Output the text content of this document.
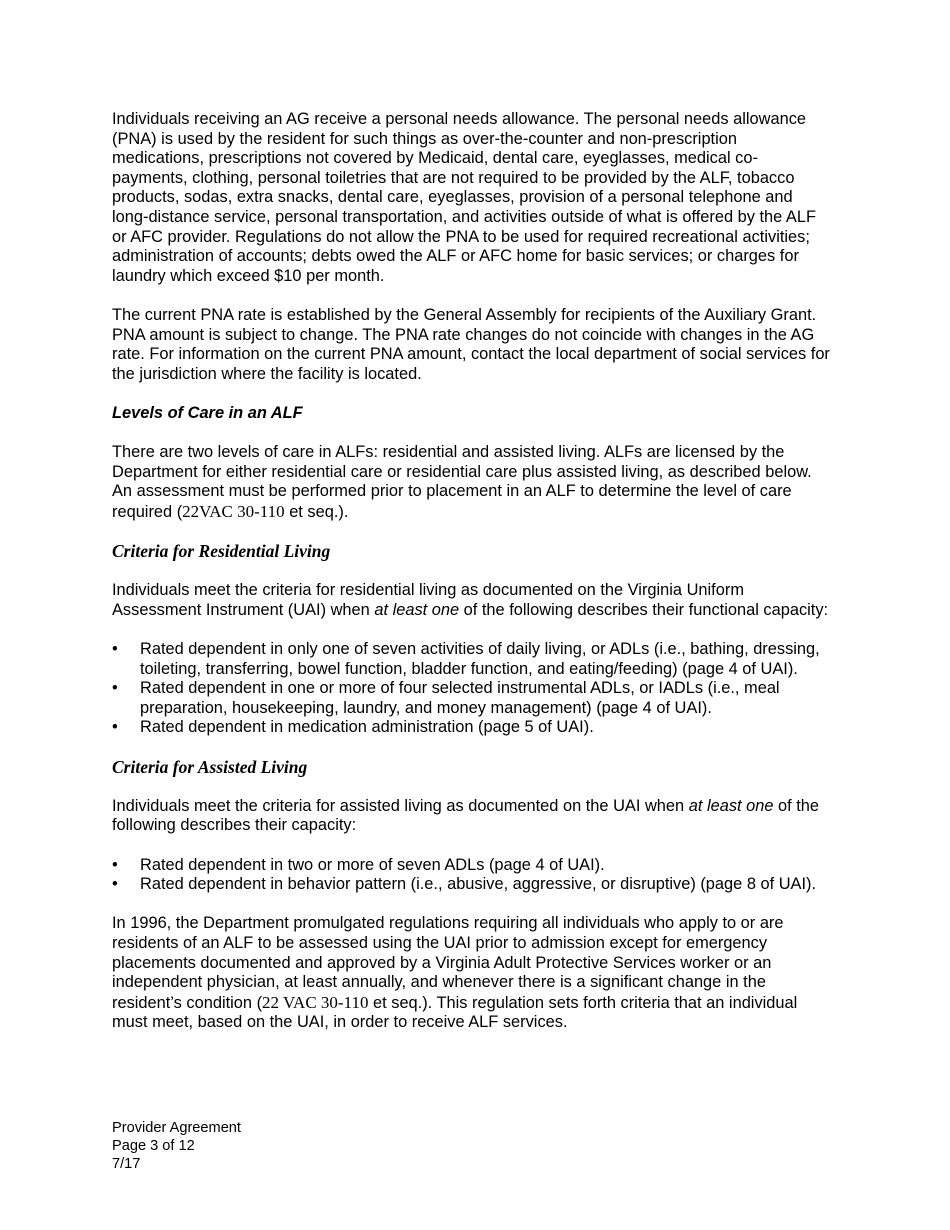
Individuals receiving an AG receive a personal needs allowance. The personal needs allowance (PNA) is used by the resident for such things as over-the-counter and non-prescription medications, prescriptions not covered by Medicaid, dental care, eyeglasses, medical co-payments, clothing, personal toiletries that are not required to be provided by the ALF, tobacco products, sodas, extra snacks, dental care, eyeglasses, provision of a personal telephone and long-distance service, personal transportation, and activities outside of what is offered by the ALF or AFC provider. Regulations do not allow the PNA to be used for required recreational activities; administration of accounts; debts owed the ALF or AFC home for basic services; or charges for laundry which exceed $10 per month.

The current PNA rate is established by the General Assembly for recipients of the Auxiliary Grant. PNA amount is subject to change. The PNA rate changes do not coincide with changes in the AG rate. For information on the current PNA amount, contact the local department of social services for the jurisdiction where the facility is located.

Levels of Care in an ALF

There are two levels of care in ALFs: residential and assisted living. ALFs are licensed by the Department for either residential care or residential care plus assisted living, as described below. An assessment must be performed prior to placement in an ALF to determine the level of care required (22VAC 30-110 et seq.).

Criteria for Residential Living

Individuals meet the criteria for residential living as documented on the Virginia Uniform Assessment Instrument (UAI) when at least one of the following describes their functional capacity:

•	Rated dependent in only one of seven activities of daily living, or ADLs (i.e., bathing, dressing, toileting, transferring, bowel function, bladder function, and eating/feeding) (page 4 of UAI).
•	Rated dependent in one or more of four selected instrumental ADLs, or IADLs (i.e., meal preparation, housekeeping, laundry, and money management) (page 4 of UAI).
•	Rated dependent in medication administration (page 5 of UAI).

Criteria for Assisted Living

Individuals meet the criteria for assisted living as documented on the UAI when at least one of the following describes their capacity:

•	Rated dependent in two or more of seven ADLs (page 4 of UAI).
•	Rated dependent in behavior pattern (i.e., abusive, aggressive, or disruptive) (page 8 of UAI).

In 1996, the Department promulgated regulations requiring all individuals who apply to or are residents of an ALF to be assessed using the UAI prior to admission except for emergency placements documented and approved by a Virginia Adult Protective Services worker or an independent physician, at least annually, and whenever there is a significant change in the resident’s condition (22 VAC 30-110 et seq.). This regulation sets forth criteria that an individual must meet, based on the UAI, in order to receive ALF services.

Provider Agreement
Page 3 of 12
7/17
